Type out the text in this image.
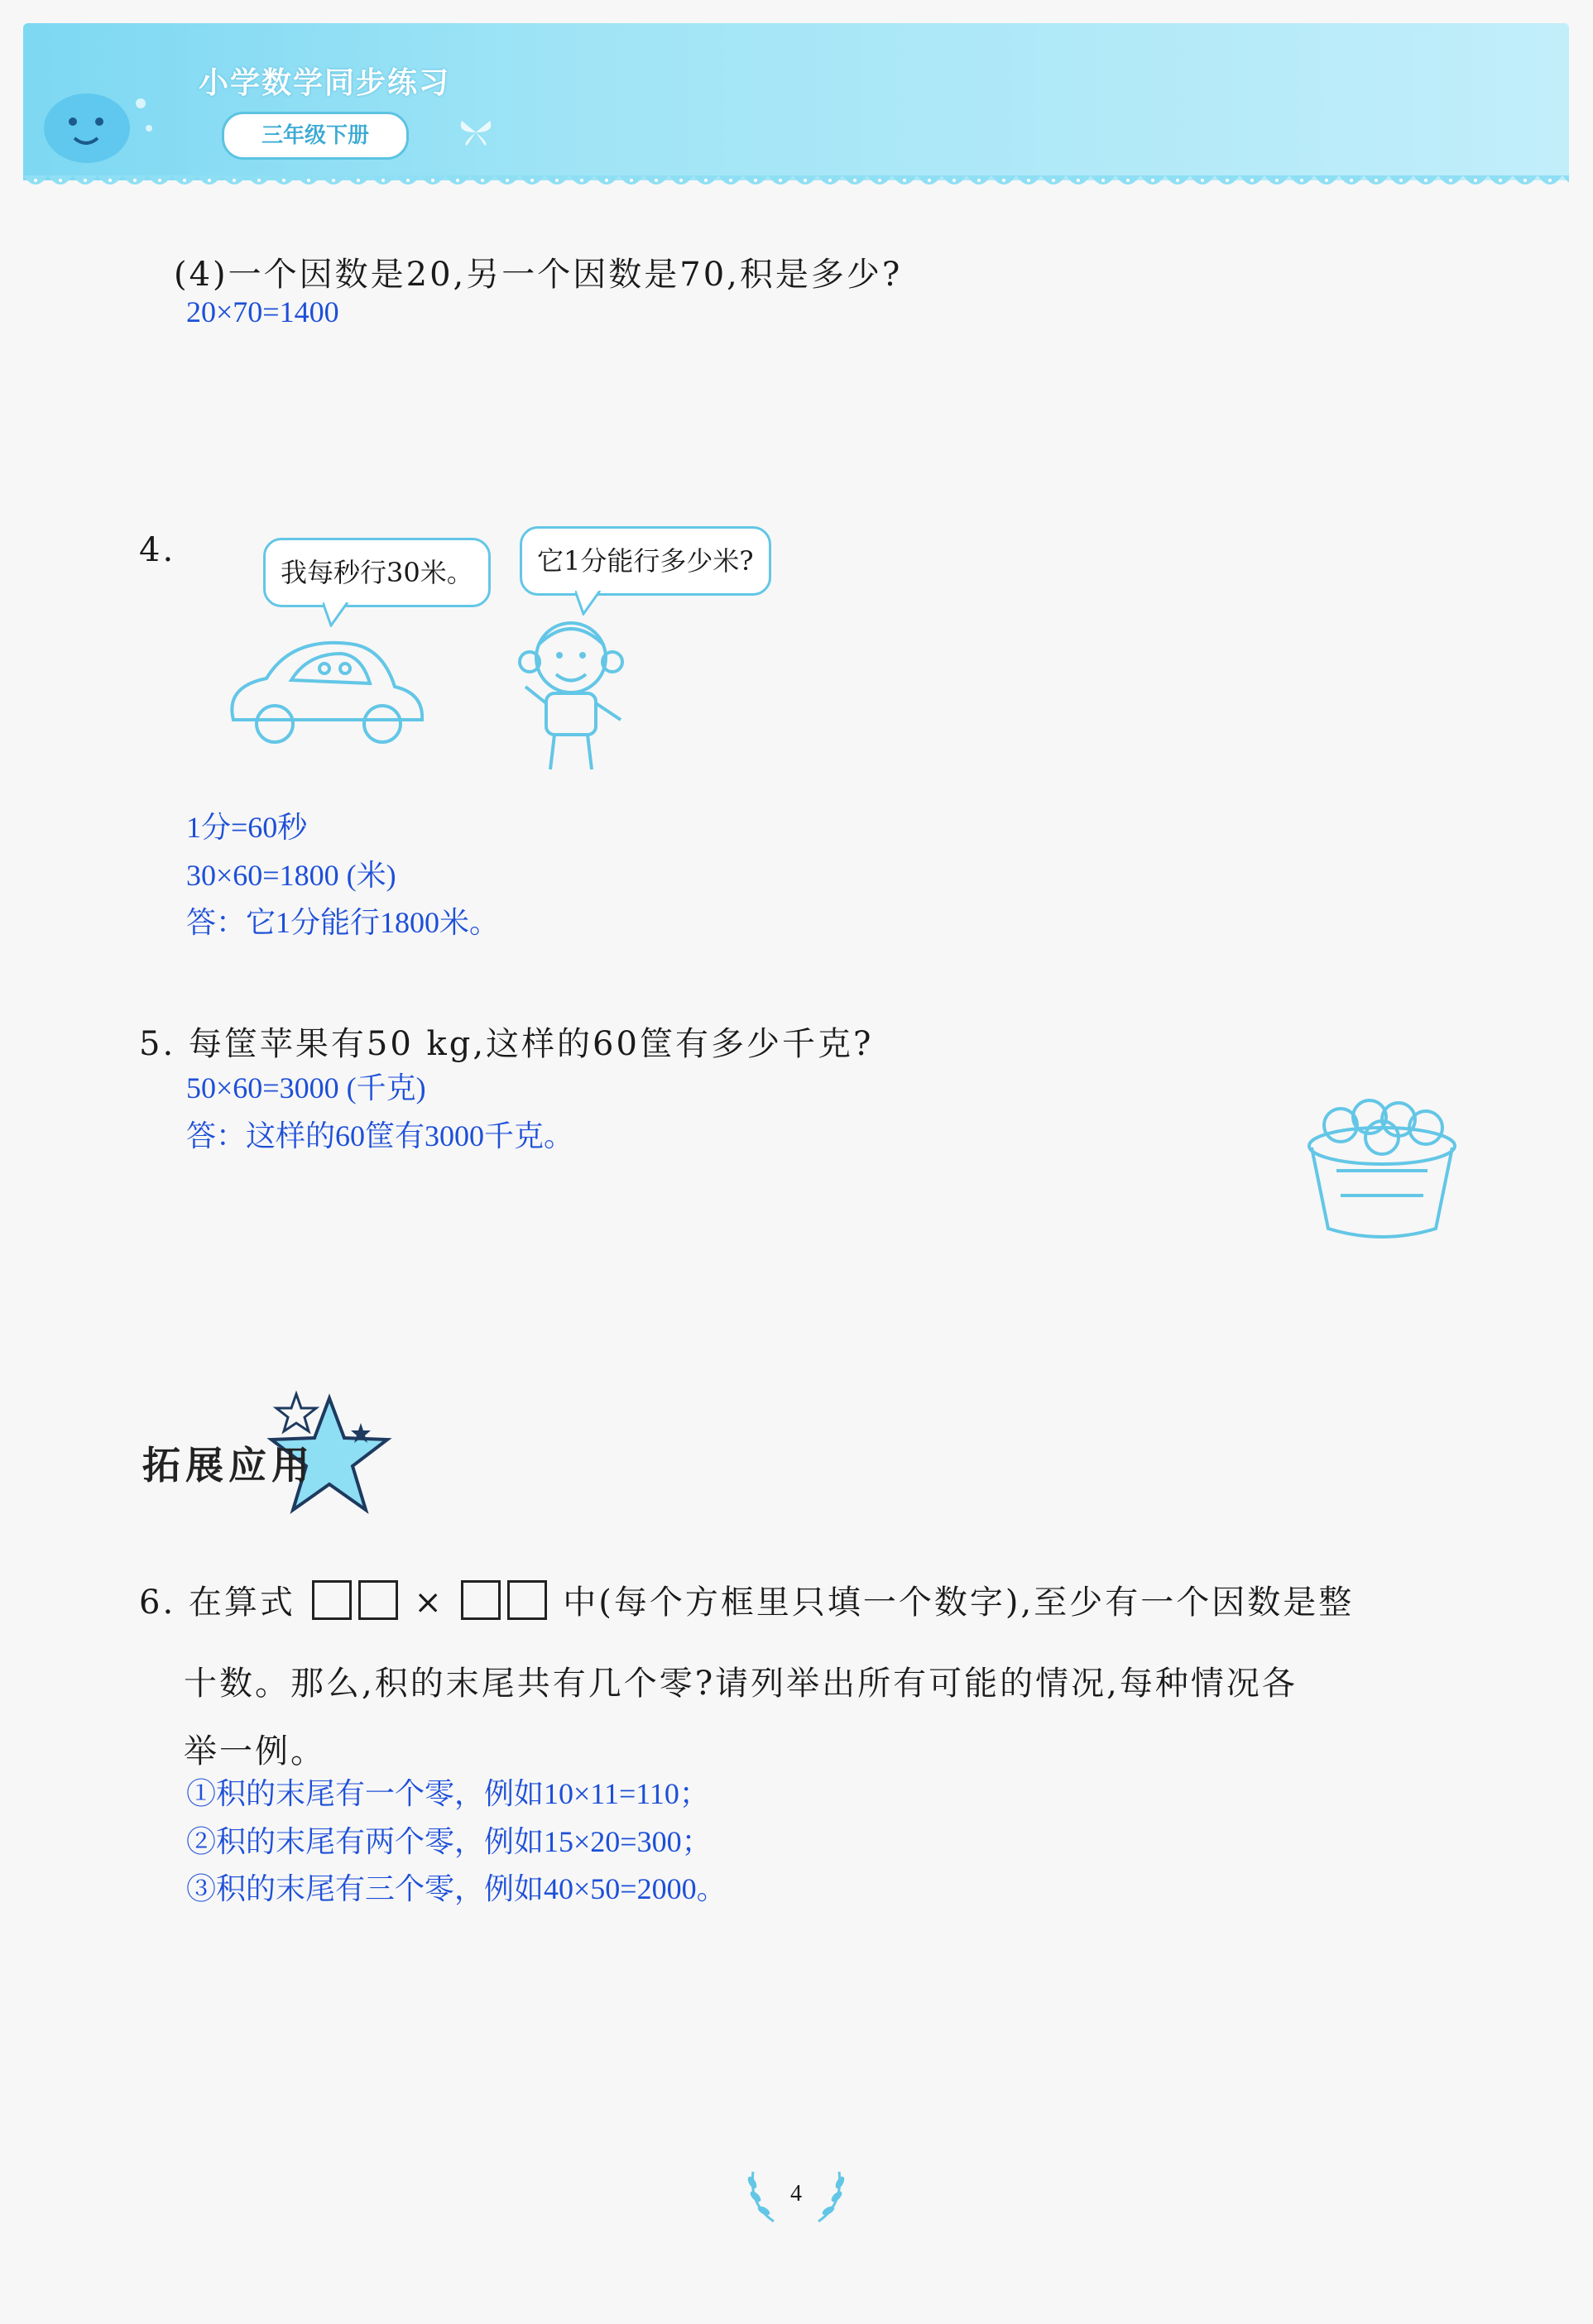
小学数学同步练习
三年级下册
(4)一个因数是20,另一个因数是70,积是多少?
20×70=1400
4.
我每秒行30米。	它1分能行多少米?
1分=60秒
30×60=1800 (米)
答：它1分能行1800米。
5. 每筐苹果有50 kg,这样的60筐有多少千克?
50×60=3000 (千克)
答：这样的60筐有3000千克。
拓展应用
6. 在算式	×	中(每个方框里只填一个数字),至少有一个因数是整
十数。那么,积的末尾共有几个零?请列举出所有可能的情况,每种情况各
举一例。
①积的末尾有一个零，例如10×11=110；
②积的末尾有两个零，例如15×20=300；
③积的末尾有三个零，例如40×50=2000。
4
